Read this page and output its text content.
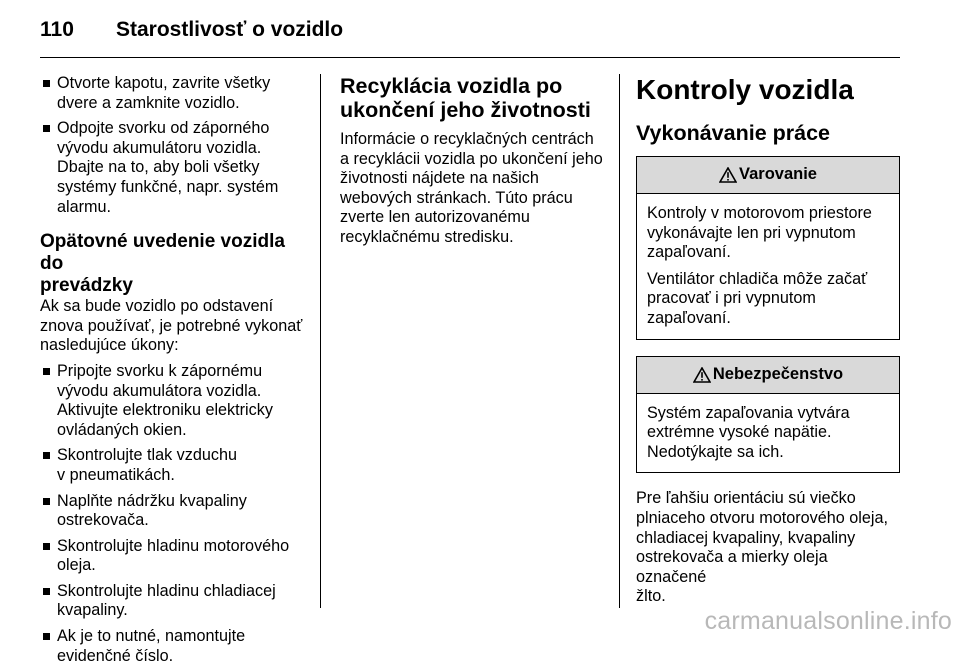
110	Starostlivosť o vozidlo
Otvorte kapotu, zavrite všetky
dvere a zamknite vozidlo.
Odpojte svorku od záporného
vývodu akumulátoru vozidla.
Dbajte na to, aby boli všetky
systémy funkčné, napr. systém
alarmu.
Opätovné uvedenie vozidla do
prevádzky

Ak sa bude vozidlo po odstavení
znova používať, je potrebné vykonať
nasledujúce úkony:

Pripojte svorku k zápornému
vývodu akumulátora vozidla.
Aktivujte elektroniku elektricky
ovládaných okien.
Skontrolujte tlak vzduchu
v pneumatikách.
Naplňte nádržku kvapaliny
ostrekovača.
Skontrolujte hladinu motorového
oleja.
Skontrolujte hladinu chladiacej
kvapaliny.
Ak je to nutné, namontujte
evidenčné číslo.
Recyklácia vozidla po
ukončení jeho životnosti

Informácie o recyklačných centrách
a recyklácii vozidla po ukončení jeho
životnosti nájdete na našich
webových stránkach. Túto prácu
zverte len autorizovanému
recyklačnému stredisku.

Kontroly vozidla
Vykonávanie práce
Varovanie

Kontroly v motorovom priestore
vykonávajte len pri vypnutom
zapaľovaní.

Ventilátor chladiča môže začať
pracovať i pri vypnutom
zapaľovaní.

Nebezpečenstvo

Systém zapaľovania vytvára
extrémne vysoké napätie.
Nedotýkajte sa ich.

Pre ľahšiu orientáciu sú viečko
plniaceho otvoru motorového oleja,
chladiacej kvapaliny, kvapaliny
ostrekovača a mierky oleja označené
žlto.

carmanualsonline.info
